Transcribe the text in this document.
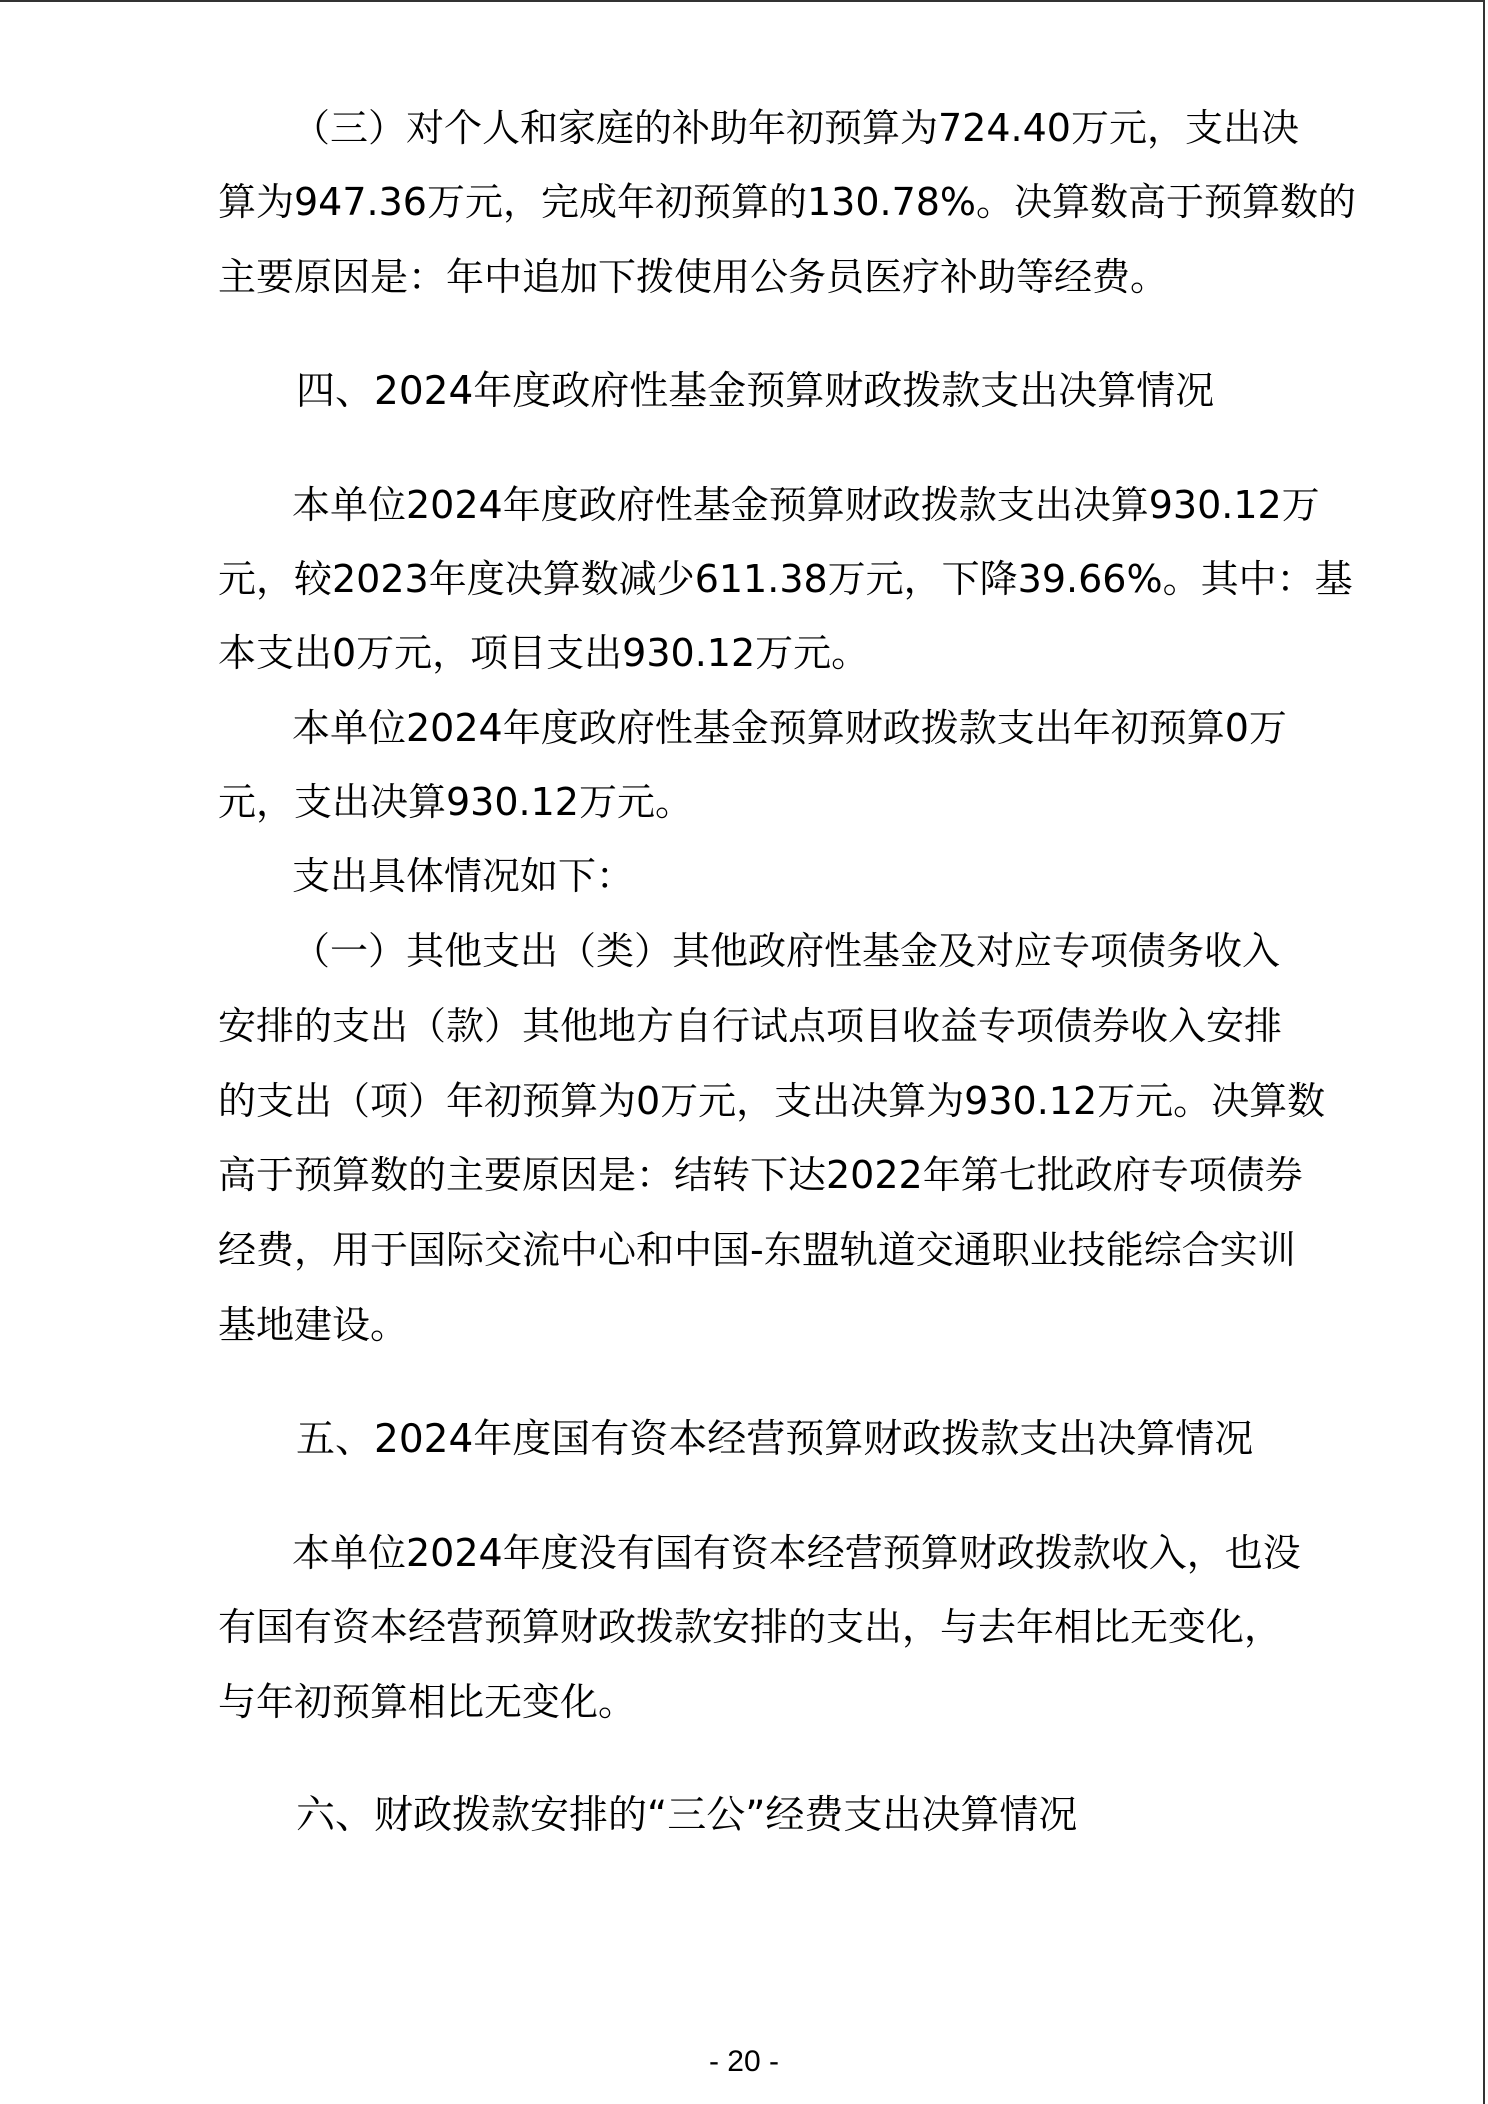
（三）对个人和家庭的补助年初预算为724.40万元，支出决
算为947.36万元，完成年初预算的130.78%。决算数高于预算数的
主要原因是：年中追加下拨使用公务员医疗补助等经费。
四、2024年度政府性基金预算财政拨款支出决算情况
本单位2024年度政府性基金预算财政拨款支出决算930.12万
元，较2023年度决算数减少611.38万元，下降39.66%。其中：基
本支出0万元，项目支出930.12万元。
本单位2024年度政府性基金预算财政拨款支出年初预算0万
元，支出决算930.12万元。
支出具体情况如下：
（一）其他支出（类）其他政府性基金及对应专项债务收入
安排的支出（款）其他地方自行试点项目收益专项债券收入安排
的支出（项）年初预算为0万元，支出决算为930.12万元。决算数
高于预算数的主要原因是：结转下达2022年第七批政府专项债券
经费，用于国际交流中心和中国-东盟轨道交通职业技能综合实训
基地建设。
五、2024年度国有资本经营预算财政拨款支出决算情况
本单位2024年度没有国有资本经营预算财政拨款收入，也没
有国有资本经营预算财政拨款安排的支出，与去年相比无变化，
与年初预算相比无变化。
六、财政拨款安排的“三公”经费支出决算情况
- 20 -
